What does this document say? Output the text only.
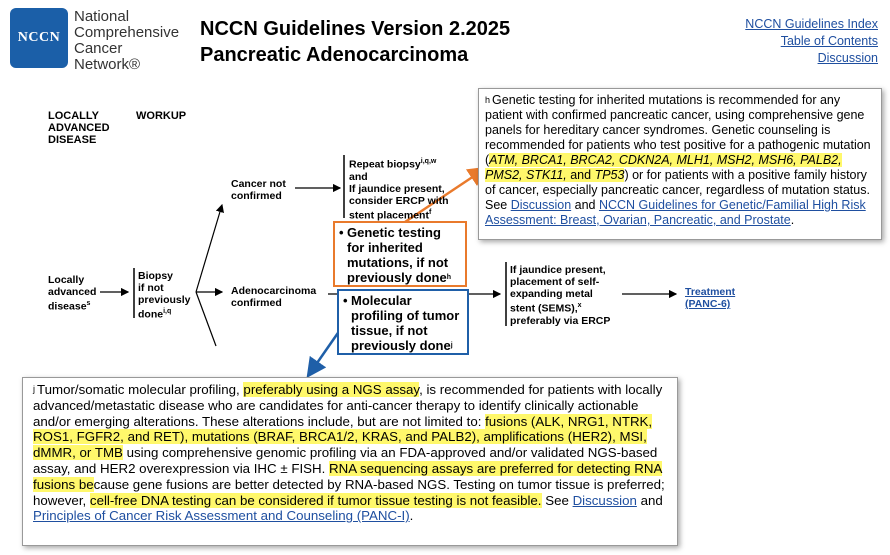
NCCN
National
Comprehensive
Cancer
Network®
NCCN Guidelines Version 2.2025
Pancreatic Adenocarcinoma
NCCN Guidelines Index
Table of Contents
Discussion
LOCALLY
ADVANCED
DISEASE
WORKUP
Locally
advanced
disease$^s$
Biopsy
if not
previously
done$^{i,q}$
Cancer not
confirmed
Adenocarcinoma
confirmed
Repeat biopsy$^{i,q,w}$
and
If jaundice present,
consider ERCP with
stent placement$^f$
If jaundice present,
placement of self-
expanding metal
stent (SEMS),$^x$
preferably via ERCP
Treatment
(PANC-6)
• Genetic testing
for inherited
mutations, if not
previously done h
• Molecular
profiling of tumor
tissue, if not
previously done j
$^h$ Genetic testing for inherited mutations is recommended for any patient with confirmed pancreatic cancer, using comprehensive gene panels for hereditary cancer syndromes. Genetic counseling is recommended for patients who test positive for a pathogenic mutation (ATM, BRCA1, BRCA2, CDKN2A, MLH1, MSH2, MSH6, PALB2, PMS2, STK11, and TP53) or for patients with a positive family history of cancer, especially pancreatic cancer, regardless of mutation status. See Discussion and NCCN Guidelines for Genetic/Familial High Risk Assessment: Breast, Ovarian, Pancreatic, and Prostate.
$^j$ Tumor/somatic molecular profiling, preferably using a NGS assay, is recommended for patients with locally advanced/metastatic disease who are candidates for anti-cancer therapy to identify clinically actionable and/or emerging alterations. These alterations include, but are not limited to: fusions (ALK, NRG1, NTRK, ROS1, FGFR2, and RET), mutations (BRAF, BRCA1/2, KRAS, and PALB2), amplifications (HER2), MSI, dMMR, or TMB using comprehensive genomic profiling via an FDA-approved and/or validated NGS-based assay, and HER2 overexpression via IHC ± FISH. RNA sequencing assays are preferred for detecting RNA fusions because gene fusions are better detected by RNA-based NGS. Testing on tumor tissue is preferred; however, cell-free DNA testing can be considered if tumor tissue testing is not feasible. See Discussion and Principles of Cancer Risk Assessment and Counseling (PANC-I).
